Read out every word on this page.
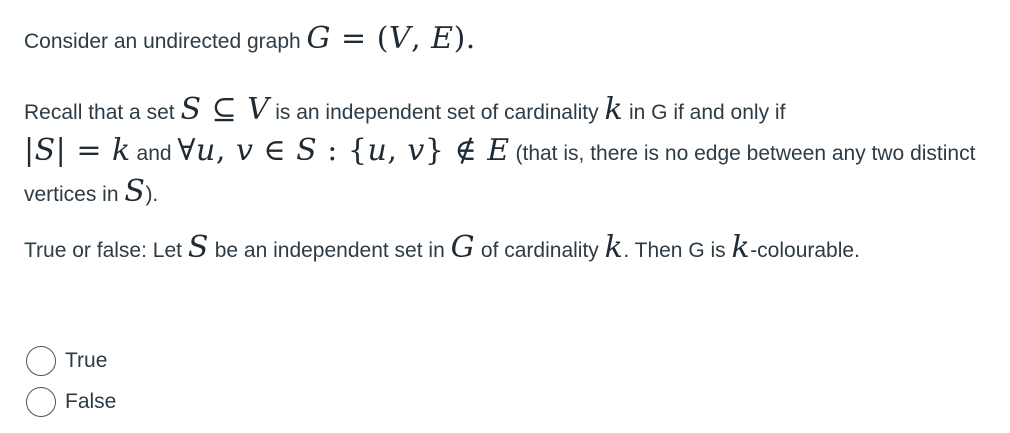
Consider an undirected graph G = (V, E).

Recall that a set S ⊆ V is an independent set of cardinality k in G if and only if
|S| = k and ∀u, v ∈ S : {u, v} ∉ E (that is, there is no edge between any two distinct vertices in S).

True or false: Let S be an independent set in G of cardinality k. Then G is k-colourable.

True
False
